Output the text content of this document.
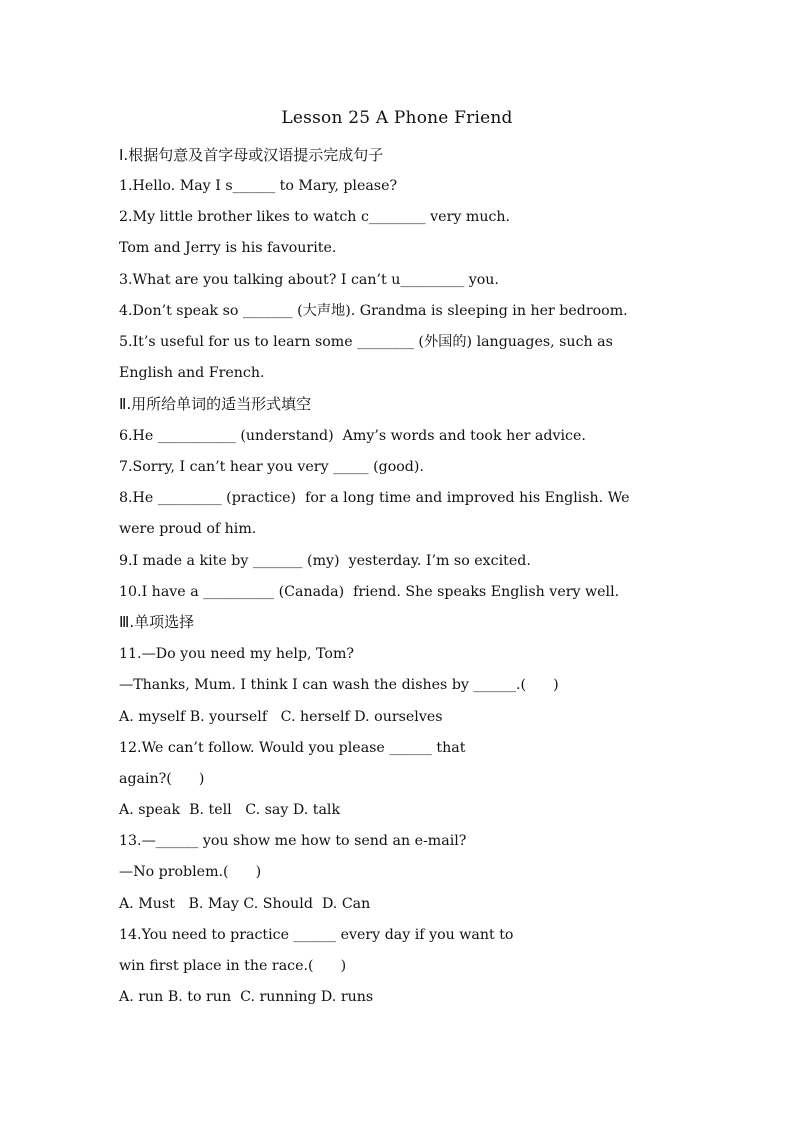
Lesson 25 A Phone Friend
Ⅰ.根据句意及首字母或汉语提示完成句子
1.Hello. May I s______ to Mary, please?
2.My little brother likes to watch c________ very much.
Tom and Jerry is his favourite.
3.What are you talking about? I can’t u_________ you.
4.Don’t speak so _______ (大声地). Grandma is sleeping in her bedroom.
5.It’s useful for us to learn some ________ (外国的) languages, such as
English and French.
Ⅱ.用所给单词的适当形式填空
6.He ___________ (understand)  Amy’s words and took her advice.
7.Sorry, I can’t hear you very _____ (good).
8.He _________ (practice)  for a long time and improved his English. We
were proud of him.
9.I made a kite by _______ (my)  yesterday. I’m so excited.
10.I have a __________ (Canada)  friend. She speaks English very well.
Ⅲ.单项选择
11.—Do you need my help, Tom?
—Thanks, Mum. I think I can wash the dishes by ______.(      )
A. myself B. yourself   C. herself D. ourselves
12.We can’t follow. Would you please ______ that
again?(      )
A. speak  B. tell   C. say D. talk
13.—______ you show me how to send an e-mail?
—No problem.(      )
A. Must   B. May C. Should  D. Can
14.You need to practice ______ every day if you want to
win first place in the race.(      )
A. run B. to run  C. running D. runs
